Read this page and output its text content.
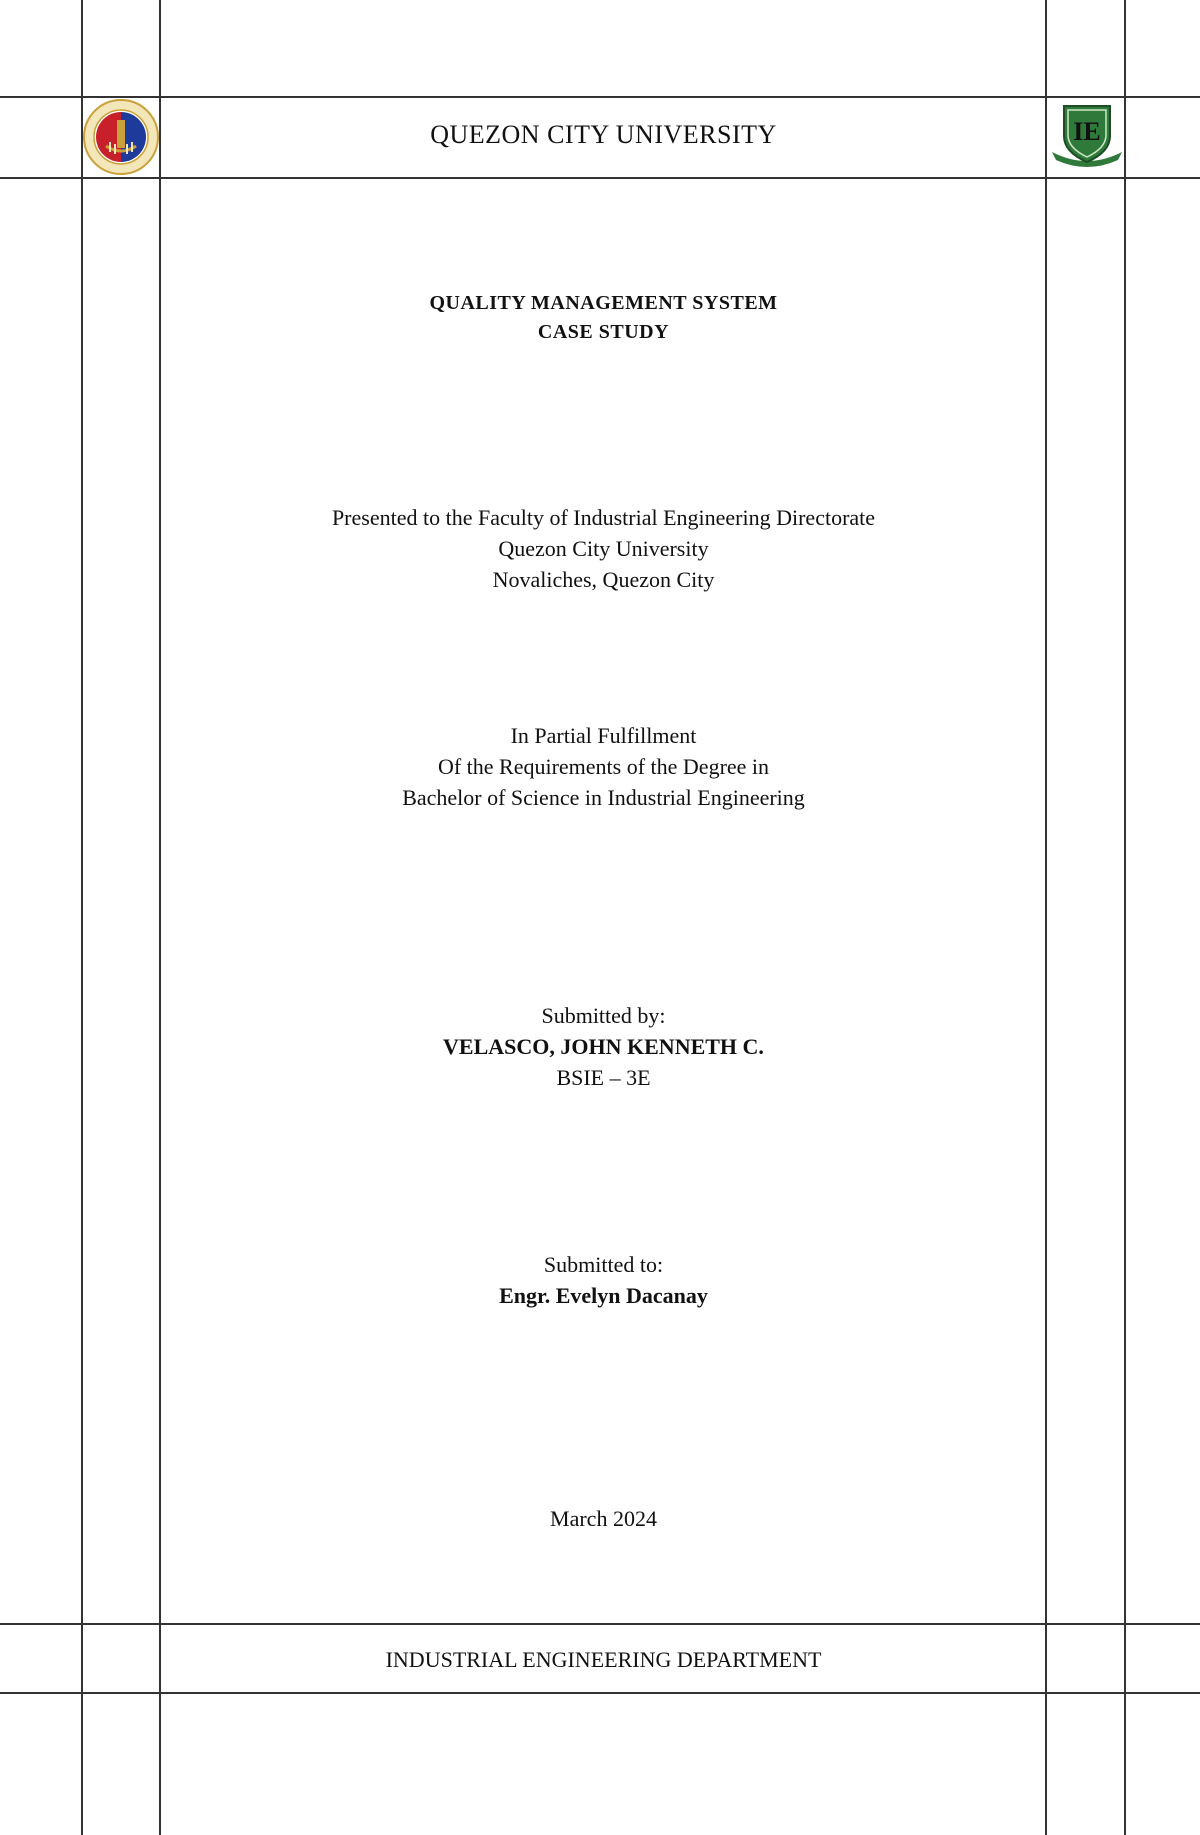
IE
QUEZON CITY UNIVERSITY
QUALITY MANAGEMENT SYSTEM
CASE STUDY
Presented to the Faculty of Industrial Engineering Directorate
Quezon City University
Novaliches, Quezon City
In Partial Fulfillment
Of the Requirements of the Degree in
Bachelor of Science in Industrial Engineering
Submitted by:
VELASCO, JOHN KENNETH C.
BSIE – 3E
Submitted to:
Engr. Evelyn Dacanay
March 2024
INDUSTRIAL ENGINEERING DEPARTMENT
